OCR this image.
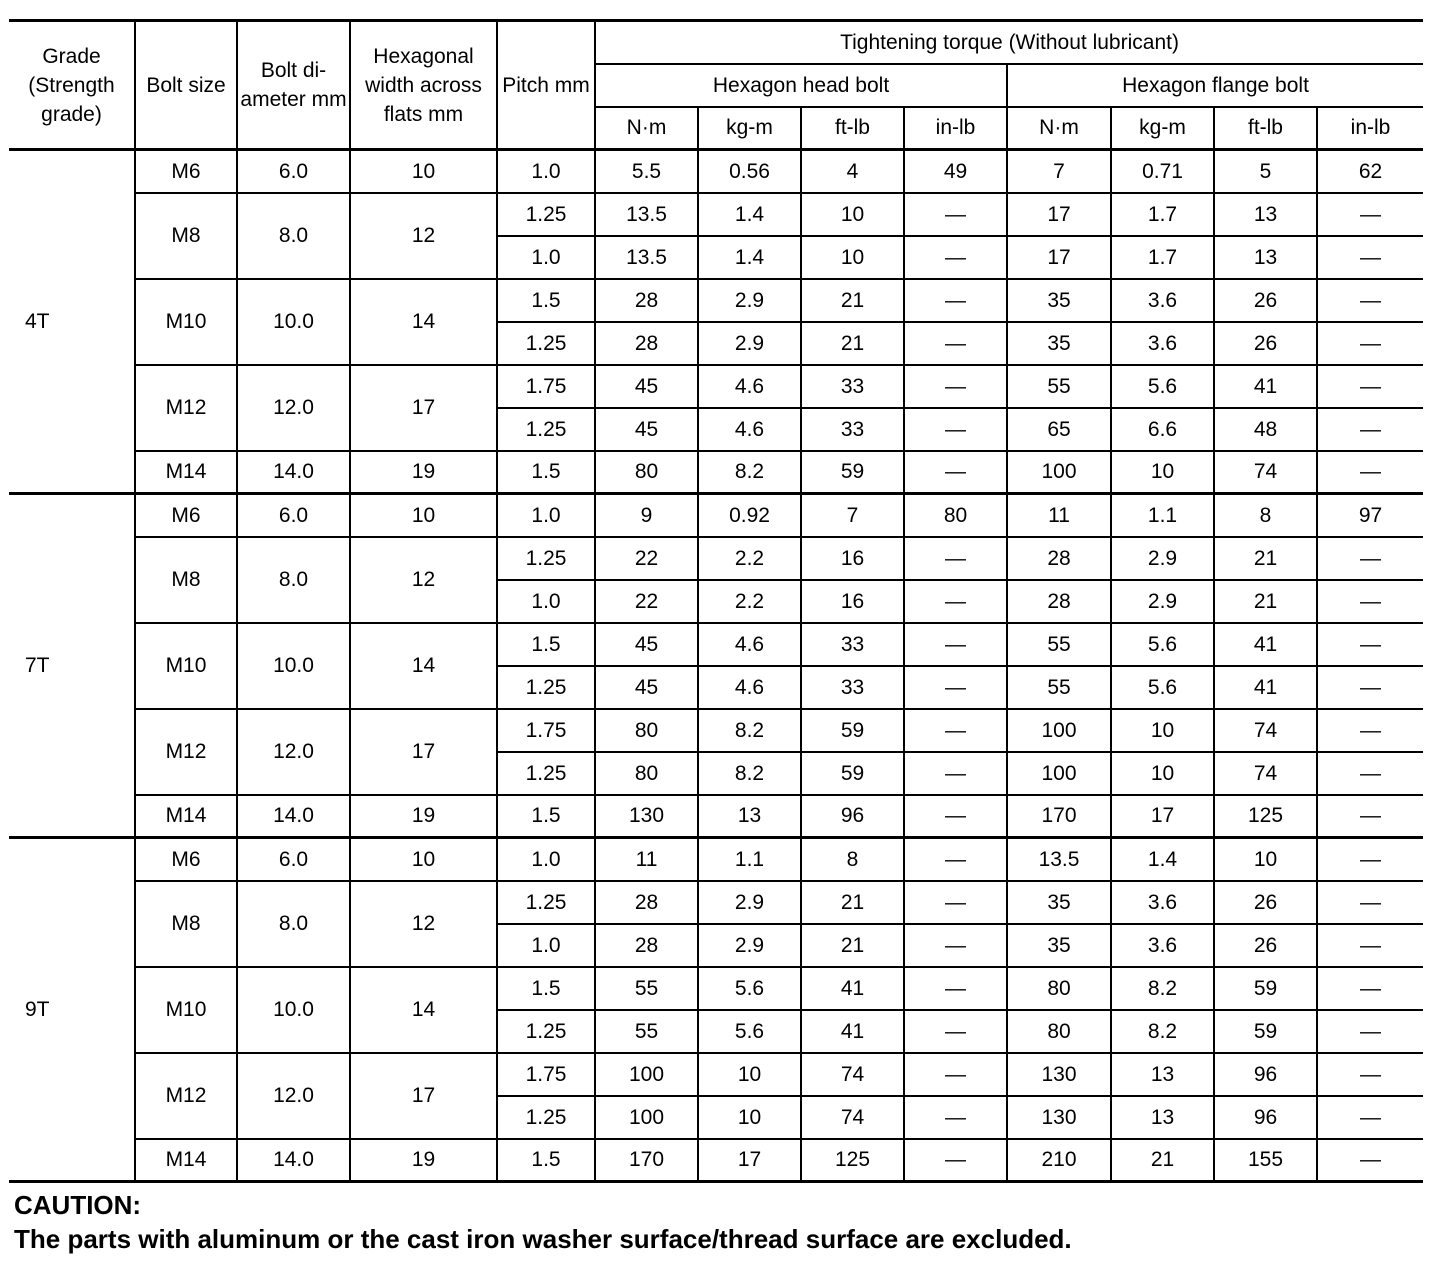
Grade (Strength grade)	Bolt size	Bolt di-ameter mm	Hexagonal width across flats mm	Pitch mm	Tightening torque (Without lubricant)							
					Hexagon head bolt				Hexagon flange bolt			
					N·m	kg-m	ft-lb	in-lb	N·m	kg-m	ft-lb	in-lb
4T	M6	6.0	10	1.0	5.5	0.56	4	49	7	0.71	5	62
	M8	8.0	12	1.25	13.5	1.4	10	—	17	1.7	13	—
				1.0	13.5	1.4	10	—	17	1.7	13	—
	M10	10.0	14	1.5	28	2.9	21	—	35	3.6	26	—
				1.25	28	2.9	21	—	35	3.6	26	—
	M12	12.0	17	1.75	45	4.6	33	—	55	5.6	41	—
				1.25	45	4.6	33	—	65	6.6	48	—
	M14	14.0	19	1.5	80	8.2	59	—	100	10	74	—
7T	M6	6.0	10	1.0	9	0.92	7	80	11	1.1	8	97
	M8	8.0	12	1.25	22	2.2	16	—	28	2.9	21	—
				1.0	22	2.2	16	—	28	2.9	21	—
	M10	10.0	14	1.5	45	4.6	33	—	55	5.6	41	—
				1.25	45	4.6	33	—	55	5.6	41	—
	M12	12.0	17	1.75	80	8.2	59	—	100	10	74	—
				1.25	80	8.2	59	—	100	10	74	—
	M14	14.0	19	1.5	130	13	96	—	170	17	125	—
9T	M6	6.0	10	1.0	11	1.1	8	—	13.5	1.4	10	—
	M8	8.0	12	1.25	28	2.9	21	—	35	3.6	26	—
				1.0	28	2.9	21	—	35	3.6	26	—
	M10	10.0	14	1.5	55	5.6	41	—	80	8.2	59	—
				1.25	55	5.6	41	—	80	8.2	59	—
	M12	12.0	17	1.75	100	10	74	—	130	13	96	—
				1.25	100	10	74	—	130	13	96	—
	M14	14.0	19	1.5	170	17	125	—	210	21	155	—
CAUTION:
The parts with aluminum or the cast iron washer surface/thread surface are excluded.
